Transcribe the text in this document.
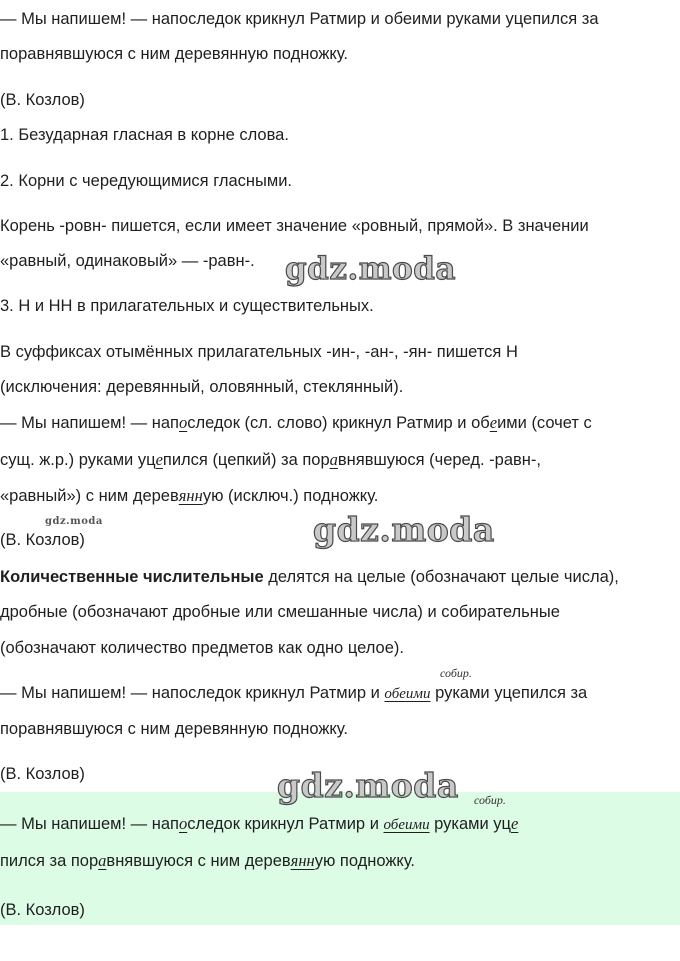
— Мы напишем! — напоследок крикнул Ратмир и обеими руками уцепился за
поравнявшуюся с ним деревянную подножку.
(В. Козлов)
1. Безударная гласная в корне слова.
2. Корни с чередующимися гласными.
Корень -ровн- пишется, если имеет значение «ровный, прямой». В значении
«равный, одинаковый» — -равн-.
3. Н и НН в прилагательных и существительных.
В суффиксах отымённых прилагательных -ин-, -ан-, -ян- пишется Н
(исключения: деревянный, оловянный, стеклянный).
— Мы напишем! — напоследок (сл. слово) крикнул Ратмир и обеими (сочет с
сущ. ж.р.) руками уцепился (цепкий) за поравнявшуюся (черед. -равн-,
«равный») с ним деревянную (исключ.) подножку.
(В. Козлов)
Количественные числительные делятся на целые (обозначают целые числа),
дробные (обозначают дробные или смешанные числа) и собирательные
(обозначают количество предметов как одно целое).
собир.
— Мы напишем! — напоследок крикнул Ратмир и обеими руками уцепился за
поравнявшуюся с ним деревянную подножку.
(В. Козлов)
собир.
— Мы напишем! — напоследок крикнул Ратмир и обеими руками уце
пился за поравнявшуюся с ним деревянную подножку.
(В. Козлов)
gdz.moda
gdz.moda
gdz.moda
gdz.moda
